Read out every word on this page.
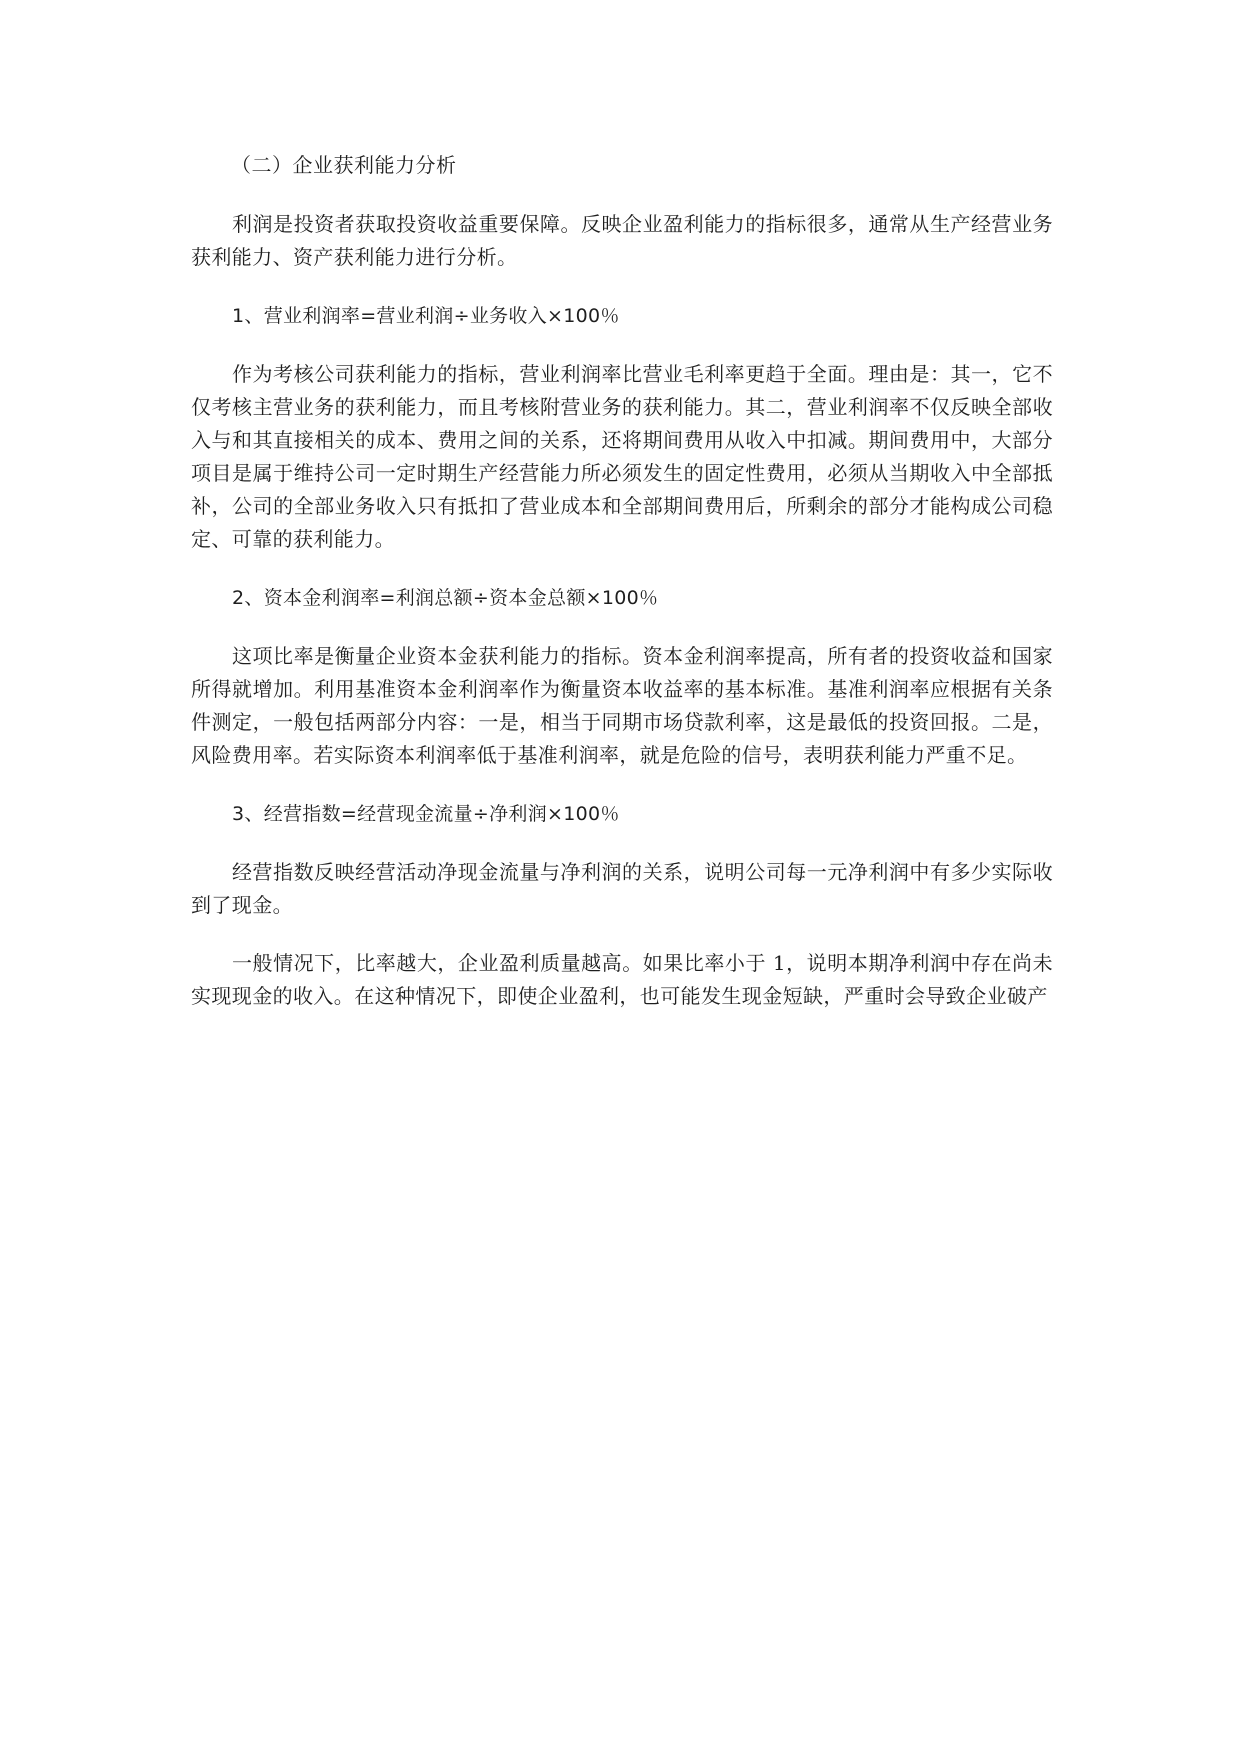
（二）企业获利能力分析

利润是投资者获取投资收益重要保障。反映企业盈利能力的指标很多，通常从生产经营业务获利能力、资产获利能力进行分析。

1、营业利润率=营业利润÷业务收入×100％

作为考核公司获利能力的指标，营业利润率比营业毛利率更趋于全面。理由是：其一，它不仅考核主营业务的获利能力，而且考核附营业务的获利能力。其二，营业利润率不仅反映全部收入与和其直接相关的成本、费用之间的关系，还将期间费用从收入中扣减。期间费用中，大部分项目是属于维持公司一定时期生产经营能力所必须发生的固定性费用，必须从当期收入中全部抵补，公司的全部业务收入只有抵扣了营业成本和全部期间费用后，所剩余的部分才能构成公司稳定、可靠的获利能力。

2、资本金利润率=利润总额÷资本金总额×100％

这项比率是衡量企业资本金获利能力的指标。资本金利润率提高，所有者的投资收益和国家所得就增加。利用基准资本金利润率作为衡量资本收益率的基本标准。基准利润率应根据有关条件测定，一般包括两部分内容：一是，相当于同期市场贷款利率，这是最低的投资回报。二是，风险费用率。若实际资本利润率低于基准利润率，就是危险的信号，表明获利能力严重不足。

3、经营指数=经营现金流量÷净利润×100％

经营指数反映经营活动净现金流量与净利润的关系，说明公司每一元净利润中有多少实际收到了现金。

一般情况下，比率越大，企业盈利质量越高。如果比率小于 1，说明本期净利润中存在尚未实现现金的收入。在这种情况下，即使企业盈利，也可能发生现金短缺，严重时会导致企业破产
